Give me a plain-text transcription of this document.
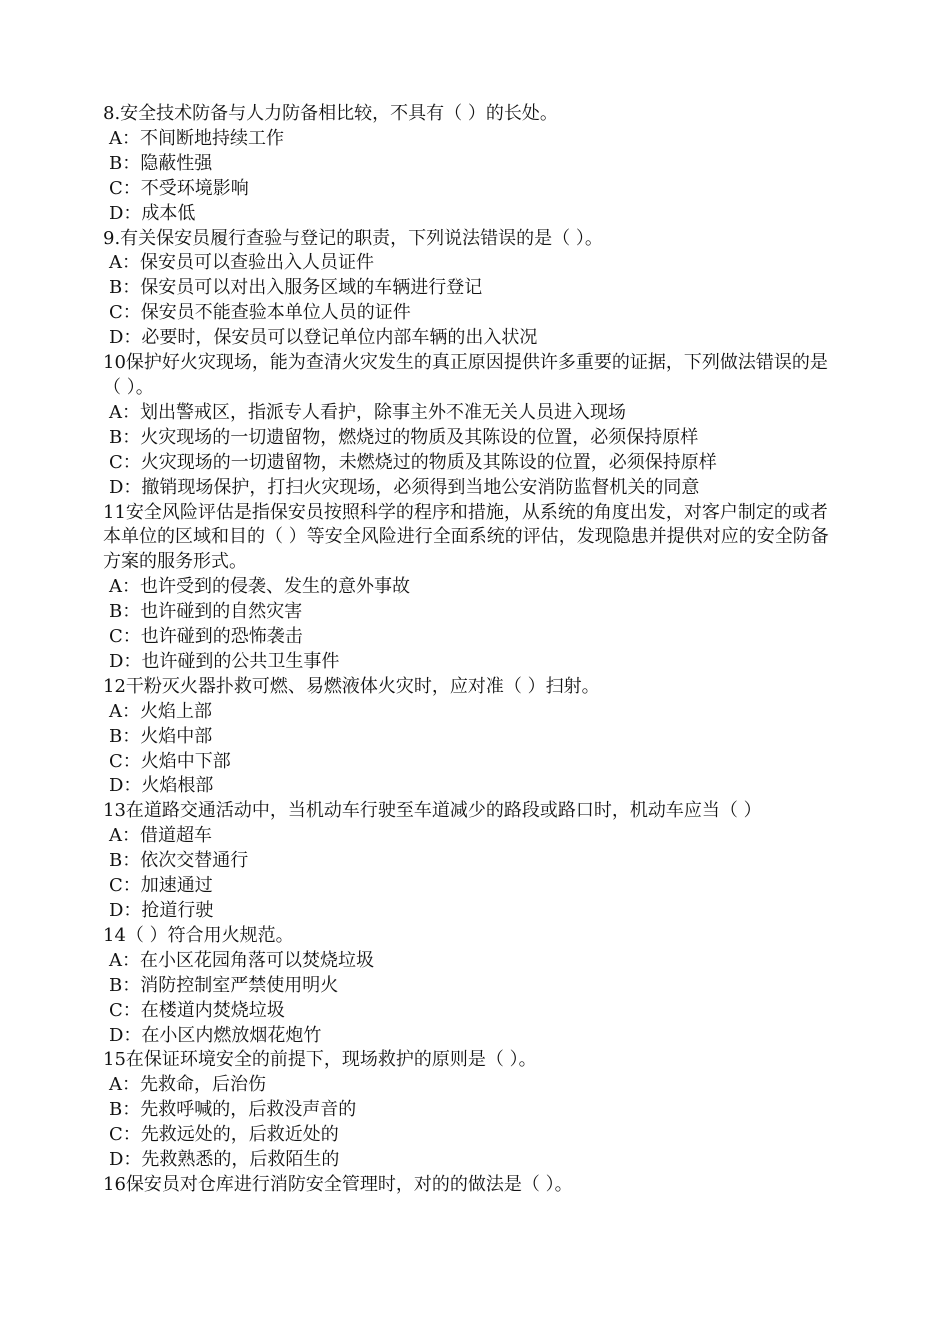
8.安全技术防备与人力防备相比较，不具有（ ）的长处。

A：不间断地持续工作

B：隐蔽性强

C：不受环境影响

D：成本低

9.有关保安员履行查验与登记的职责，下列说法错误的是（ ）。

A：保安员可以查验出入人员证件

B：保安员可以对出入服务区域的车辆进行登记

C：保安员不能查验本单位人员的证件

D：必要时，保安员可以登记单位内部车辆的出入状况

10保护好火灾现场，能为查清火灾发生的真正原因提供许多重要的证据，下列做法错误的是（ ）。

A：划出警戒区，指派专人看护，除事主外不准无关人员进入现场

B：火灾现场的一切遗留物，燃烧过的物质及其陈设的位置，必须保持原样

C：火灾现场的一切遗留物，未燃烧过的物质及其陈设的位置，必须保持原样

D：撤销现场保护，打扫火灾现场，必须得到当地公安消防监督机关的同意

11安全风险评估是指保安员按照科学的程序和措施，从系统的角度出发，对客户制定的或者本单位的区域和目的（ ）等安全风险进行全面系统的评估，发现隐患并提供对应的安全防备方案的服务形式。

A：也许受到的侵袭、发生的意外事故

B：也许碰到的自然灾害

C：也许碰到的恐怖袭击

D：也许碰到的公共卫生事件

12干粉灭火器扑救可燃、易燃液体火灾时，应对准（ ）扫射。

A：火焰上部

B：火焰中部

C：火焰中下部

D：火焰根部

13在道路交通活动中，当机动车行驶至车道减少的路段或路口时，机动车应当（ ）

A：借道超车

B：依次交替通行

C：加速通过

D：抢道行驶

14（ ）符合用火规范。

A：在小区花园角落可以焚烧垃圾

B：消防控制室严禁使用明火

C：在楼道内焚烧垃圾

D：在小区内燃放烟花炮竹

15在保证环境安全的前提下，现场救护的原则是（ ）。

A：先救命，后治伤

B：先救呼喊的，后救没声音的

C：先救远处的，后救近处的

D：先救熟悉的，后救陌生的

16保安员对仓库进行消防安全管理时，对的的做法是（ ）。
